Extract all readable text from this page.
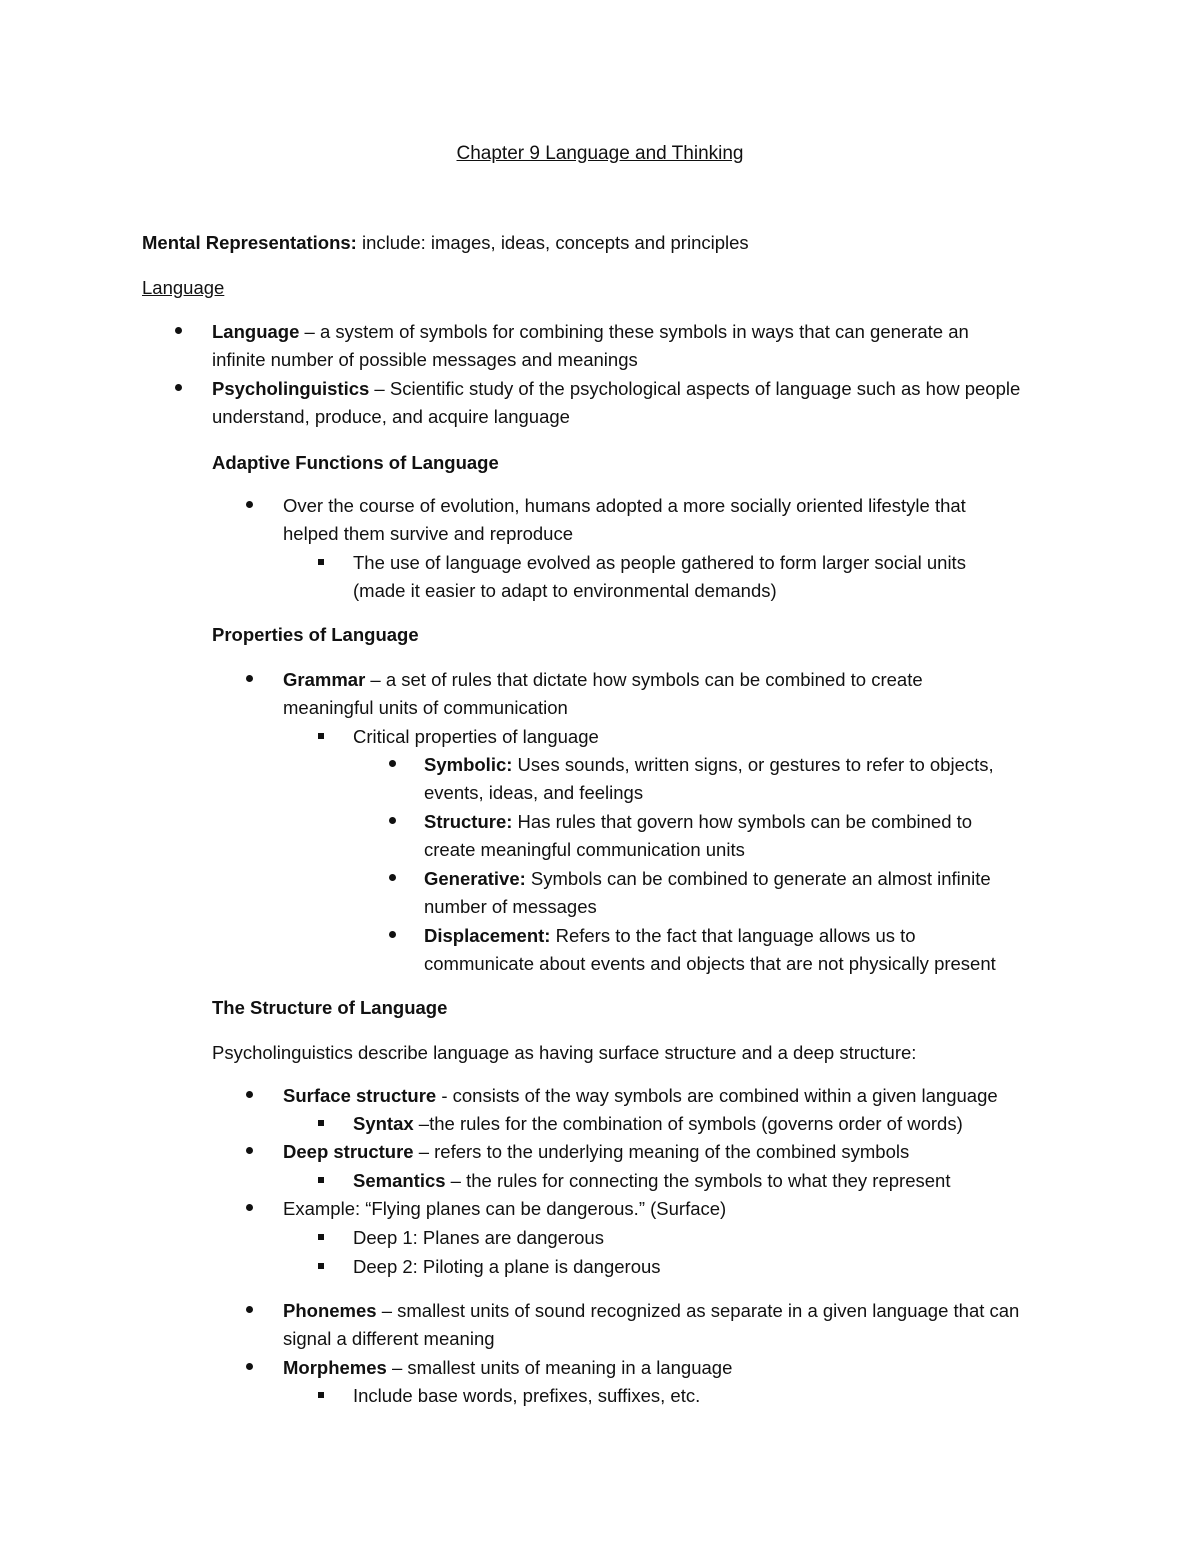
Chapter 9 Language and Thinking
Mental Representations: include: images, ideas, concepts and principles
Language
Language – a system of symbols for combining these symbols in ways that can generate an
infinite number of possible messages and meanings
Psycholinguistics – Scientific study of the psychological aspects of language such as how people
understand, produce, and acquire language
Adaptive Functions of Language
Over the course of evolution, humans adopted a more socially oriented lifestyle that
helped them survive and reproduce
The use of language evolved as people gathered to form larger social units
(made it easier to adapt to environmental demands)
Properties of Language
Grammar – a set of rules that dictate how symbols can be combined to create
meaningful units of communication
Critical properties of language
Symbolic: Uses sounds, written signs, or gestures to refer to objects,
events, ideas, and feelings
Structure: Has rules that govern how symbols can be combined to
create meaningful communication units
Generative: Symbols can be combined to generate an almost infinite
number of messages
Displacement: Refers to the fact that language allows us to
communicate about events and objects that are not physically present
The Structure of Language
Psycholinguistics describe language as having surface structure and a deep structure:
Surface structure - consists of the way symbols are combined within a given language
Syntax –the rules for the combination of symbols (governs order of words)
Deep structure – refers to the underlying meaning of the combined symbols
Semantics – the rules for connecting the symbols to what they represent
Example: “Flying planes can be dangerous.” (Surface)
Deep 1: Planes are dangerous
Deep 2: Piloting a plane is dangerous
Phonemes – smallest units of sound recognized as separate in a given language that can
signal a different meaning
Morphemes – smallest units of meaning in a language
Include base words, prefixes, suffixes, etc.
